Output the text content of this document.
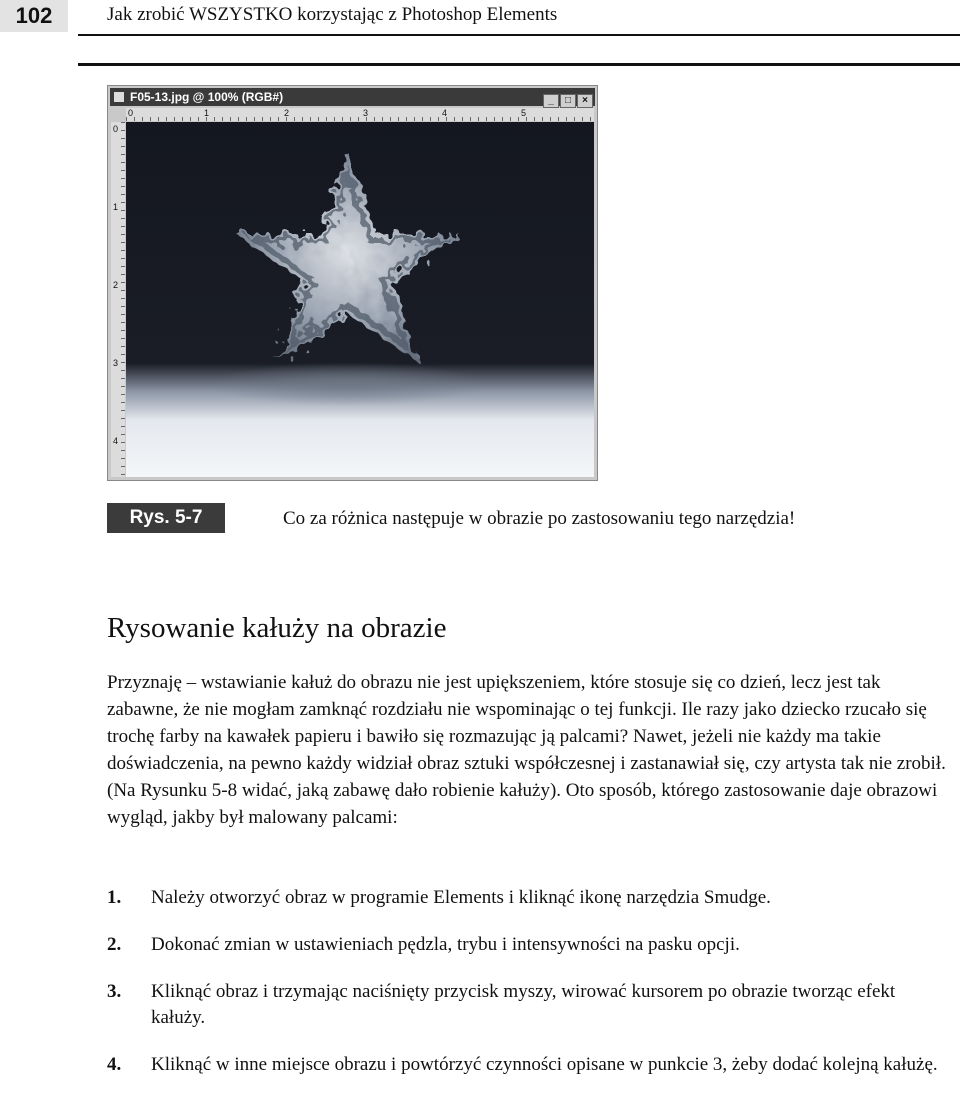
102	Jak zrobić WSZYSTKO korzystając z Photoshop Elements
F05-13.jpg @ 100% (RGB#)	_ □ ×
0	1	2	3	4	5
0
1
2
3
4
Rys. 5-7	Co za różnica następuje w obrazie po zastosowaniu tego narzędzia!
Rysowanie kałuży na obrazie

Przyznaję – wstawianie kałuż do obrazu nie jest upiększeniem, które stosuje się co dzień, lecz jest tak zabawne, że nie mogłam zamknąć rozdziału nie wspominając o tej funkcji. Ile razy jako dziecko rzucało się trochę farby na kawałek papieru i bawiło się rozmazując ją palcami? Nawet, jeżeli nie każdy ma takie doświadczenia, na pewno każdy widział obraz sztuki współczesnej i zastanawiał się, czy artysta tak nie zrobił. (Na Rysunku 5-8 widać, jaką zabawę dało robienie kałuży). Oto sposób, którego zastosowanie daje obrazowi wygląd, jakby był malowany palcami:

1. Należy otworzyć obraz w programie Elements i kliknąć ikonę narzędzia Smudge.
2. Dokonać zmian w ustawieniach pędzla, trybu i intensywności na pasku opcji.
3. Kliknąć obraz i trzymając naciśnięty przycisk myszy, wirować kursorem po obrazie tworząc efekt kałuży.
4. Kliknąć w inne miejsce obrazu i powtórzyć czynności opisane w punkcie 3, żeby dodać kolejną kałużę.
